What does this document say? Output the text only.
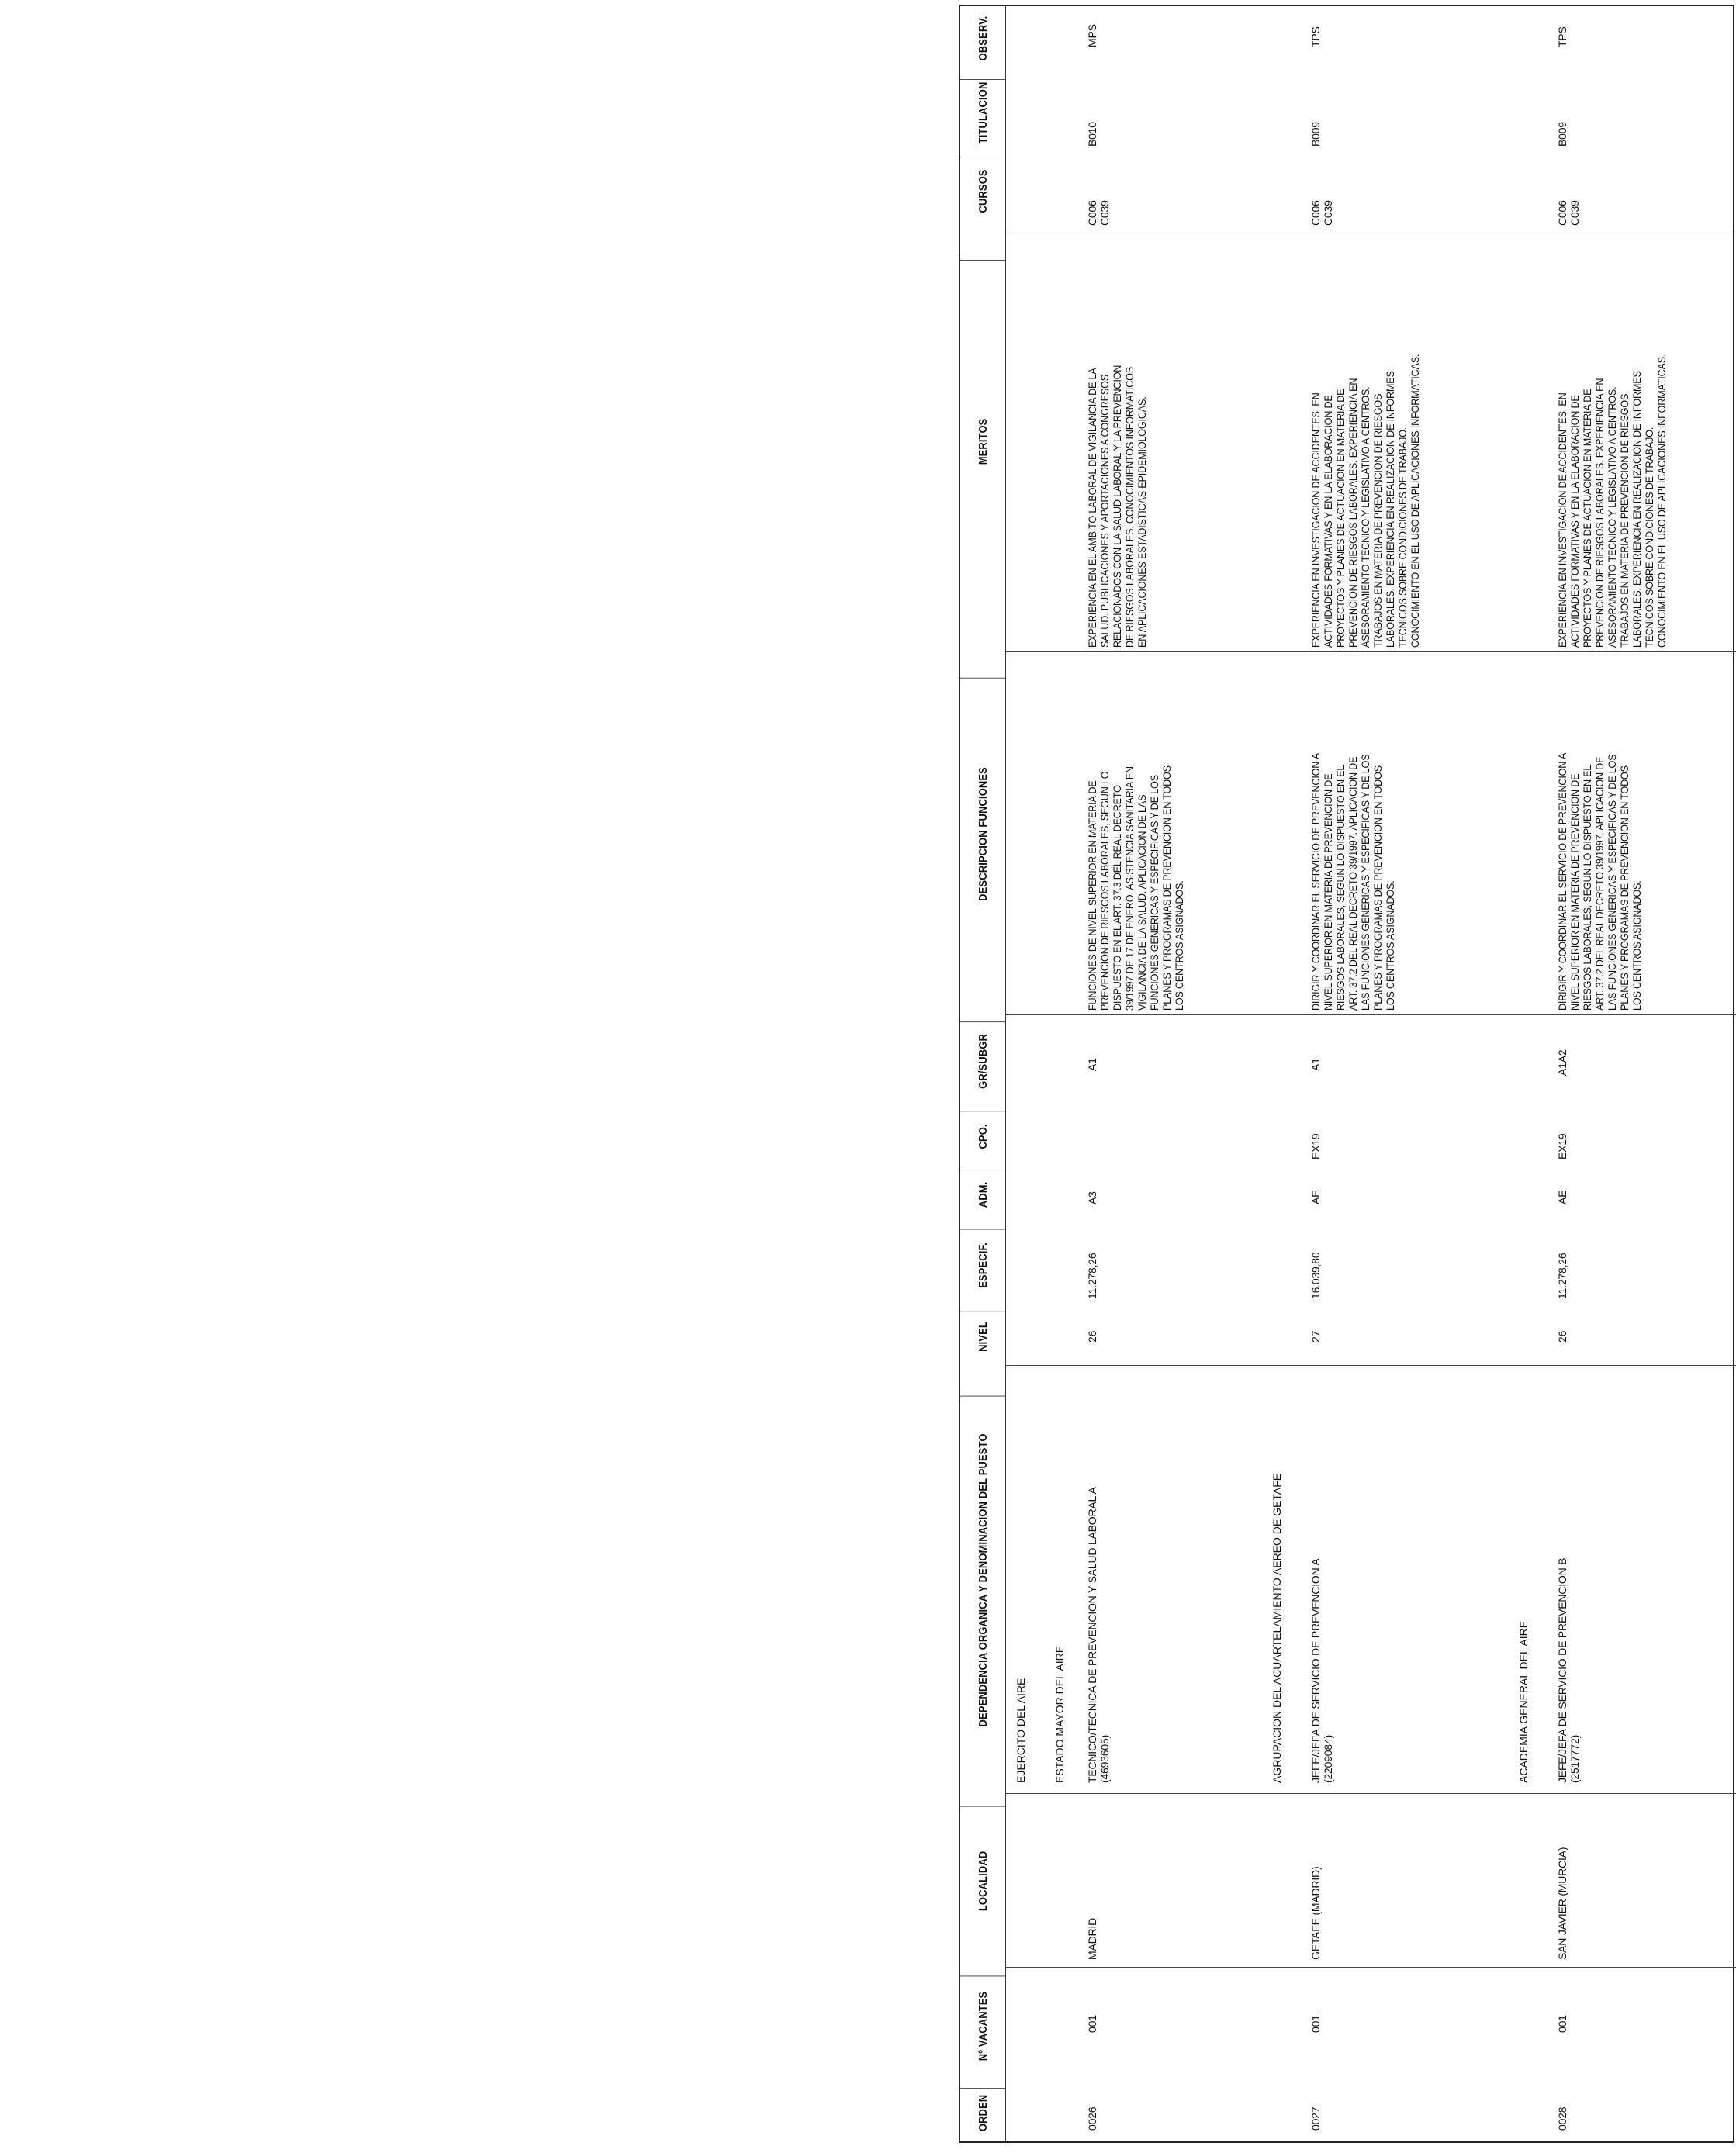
ORDEN
Nº VACANTES
LOCALIDAD
DEPENDENCIA ORGANICA Y DENOMINACION DEL PUESTO
NIVEL
ESPECIF.
ADM.
CPO.
GR/SUBGR
DESCRIPCION FUNCIONES
MERITOS
CURSOS
TITULACION
OBSERV.
EJERCITO DEL AIRE ESTADO MAYOR DEL AIRE	AGRUPACION DEL ACUARTELAMIENTO AEREO DE GETAFE	ACADEMIA GENERAL DEL AIRE
0026
001
MADRID
TECNICO/TECNICA DE PREVENCION Y SALUD LABORAL A
(4693605)
26
11.278,26
A3
A1
FUNCIONES DE NIVEL SUPERIOR EN MATERIA DE
PREVENCION DE RIESGOS LABORALES, SEGUN LO
DISPUESTO EN EL ART. 37.3 DEL REAL DECRETO
39/1997 DE 17 DE ENERO. ASISTENCIA SANITARIA EN
VIGILANCIA DE LA SALUD. APLICACION DE LAS
FUNCIONES GENERICAS Y ESPECIFICAS Y DE LOS
PLANES Y PROGRAMAS DE PREVENCION EN TODOS
LOS CENTROS ASIGNADOS.
EXPERIENCIA EN EL AMBITO LABORAL DE VIGILANCIA DE LA
SALUD. PUBLICACIONES Y APORTACIONES A CONGRESOS
RELACIONADOS CON LA SALUD LABORAL Y LA PREVENCION
DE RIESGOS LABORALES. CONOCIMIENTOS INFORMATICOS
EN APLICACIONES ESTADISTICAS EPIDEMIOLOGICAS.
C006
C039
B010
MPS
0027
001
GETAFE (MADRID)
JEFE/JEFA DE SERVICIO DE PREVENCION A
(2209084)
27
16.039,80
AE
EX19
A1
DIRIGIR Y COORDINAR EL SERVICIO DE PREVENCION A
NIVEL SUPERIOR EN MATERIA DE PREVENCION DE
RIESGOS LABORALES, SEGUN LO DISPUESTO EN EL
ART. 37.2 DEL REAL DECRETO 39/1997. APLICACION DE
LAS FUNCIONES GENERICAS Y ESPECIFICAS Y DE LOS
PLANES Y PROGRAMAS DE PREVENCION EN TODOS
LOS CENTROS ASIGNADOS.
EXPERIENCIA EN INVESTIGACION DE ACCIDENTES, EN
ACTIVIDADES FORMATIVAS Y EN LA ELABORACION DE
PROYECTOS Y PLANES DE ACTUACION EN MATERIA DE
PREVENCION DE RIESGOS LABORALES. EXPERIENCIA EN
ASESORAMIENTO TECNICO Y LEGISLATIVO A CENTROS.
TRABAJOS EN MATERIA DE PREVENCION DE RIESGOS
LABORALES. EXPERIENCIA EN REALIZACION DE INFORMES
TECNICOS SOBRE CONDICIONES DE TRABAJO.
CONOCIMIENTO EN EL USO DE APLICACIONES INFORMATICAS.
C006
C039
B009
TPS
0028
001
SAN JAVIER (MURCIA)
JEFE/JEFA DE SERVICIO DE PREVENCION B
(2517772)
26
11.278,26
AE
EX19
A1A2
DIRIGIR Y COORDINAR EL SERVICIO DE PREVENCION A
NIVEL SUPERIOR EN MATERIA DE PREVENCION DE
RIESGOS LABORALES, SEGUN LO DISPUESTO EN EL
ART. 37.2 DEL REAL DECRETO 39/1997. APLICACION DE
LAS FUNCIONES GENERICAS Y ESPECIFICAS Y DE LOS
PLANES Y PROGRAMAS DE PREVENCION EN TODOS
LOS CENTROS ASIGNADOS.
EXPERIENCIA EN INVESTIGACION DE ACCIDENTES, EN
ACTIVIDADES FORMATIVAS Y EN LA ELABORACION DE
PROYECTOS Y PLANES DE ACTUACION EN MATERIA DE
PREVENCION DE RIESGOS LABORALES. EXPERIENCIA EN
ASESORAMIENTO TECNICO Y LEGISLATIVO A CENTROS.
TRABAJOS EN MATERIA DE PREVENCION DE RIESGOS
LABORALES. EXPERIENCIA EN REALIZACION DE INFORMES
TECNICOS SOBRE CONDICIONES DE TRABAJO.
CONOCIMIENTO EN EL USO DE APLICACIONES INFORMATICAS.
C006
C039
B009
TPS
